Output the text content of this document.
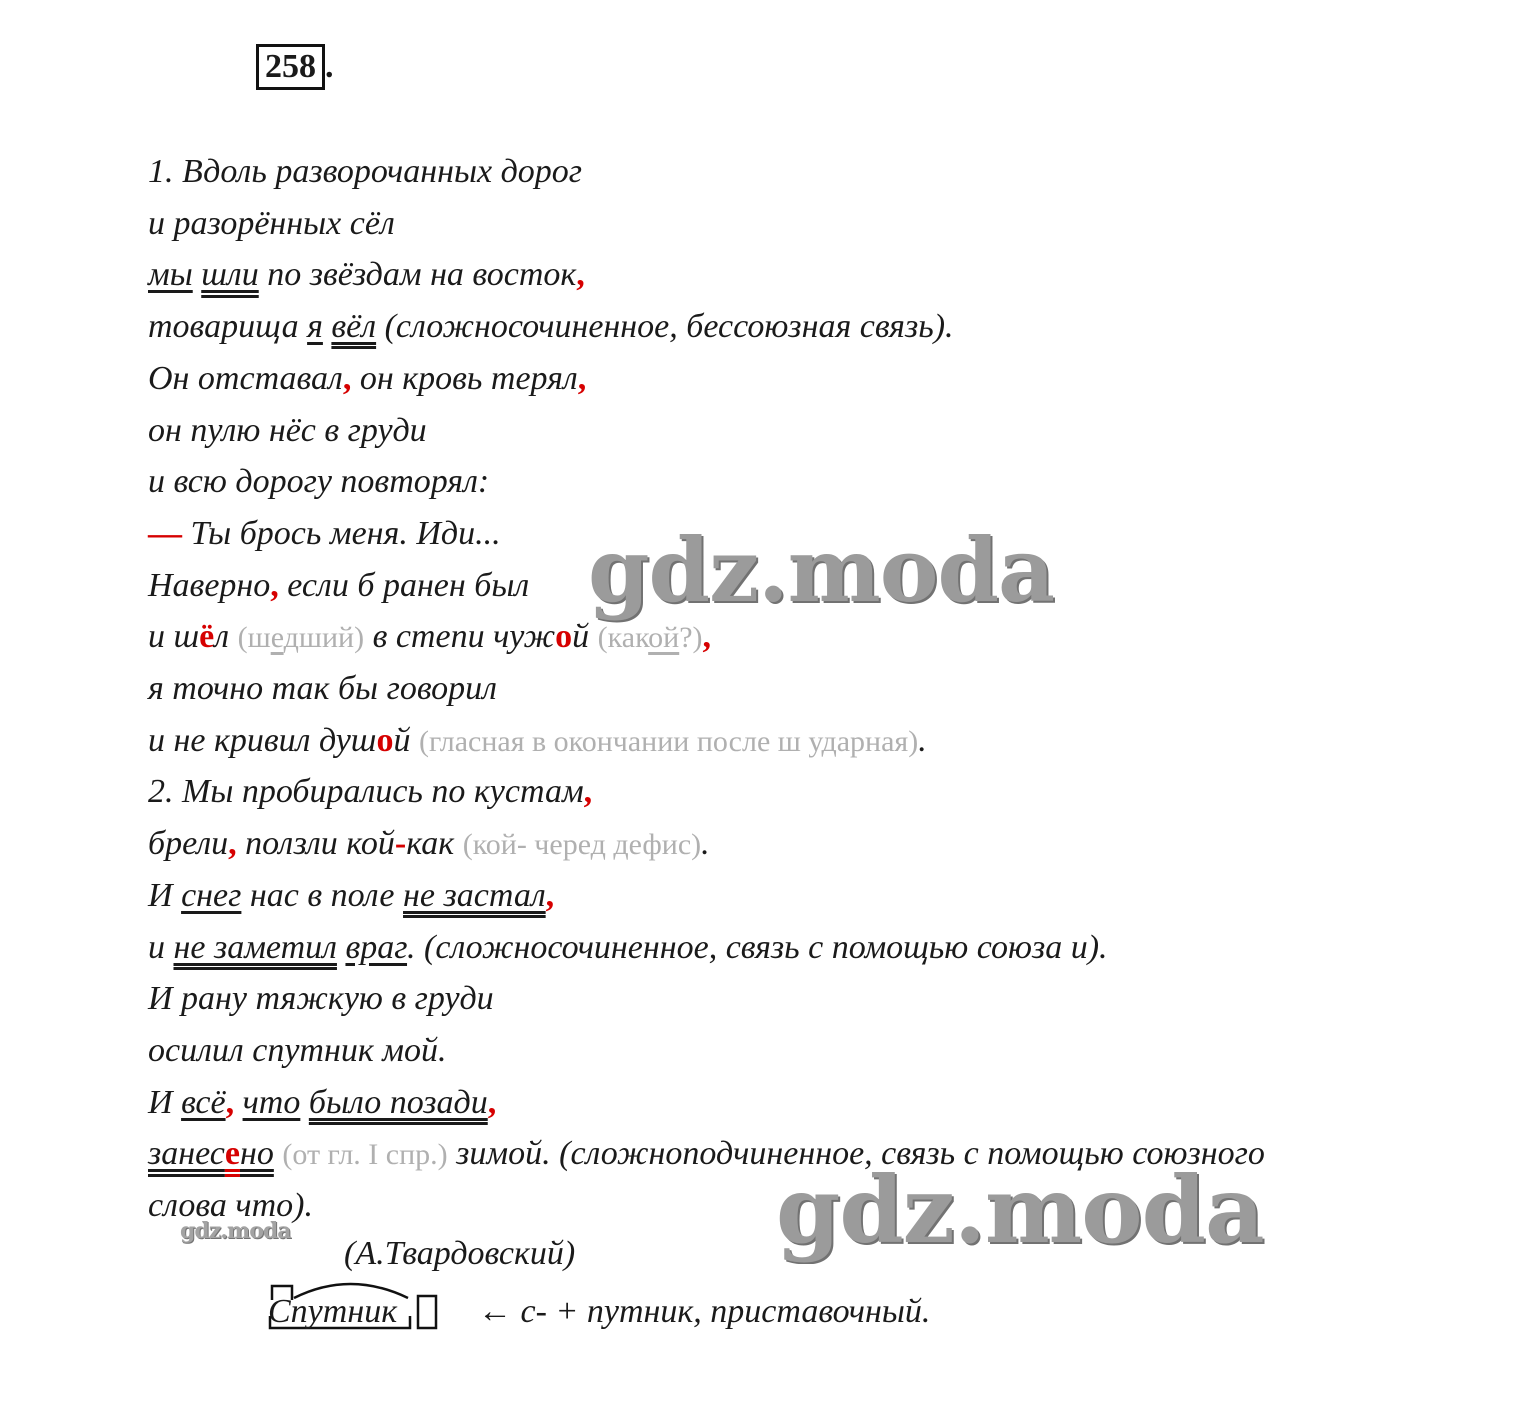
258 .
1. Вдоль разворочанных дорог
и разорённых сёл
мы шли по звёздам на восток,
товарища я вёл (сложносочиненное, бессоюзная связь).
Он отставал, он кровь терял,
он пулю нёс в груди
и всю дорогу повторял:
— Ты брось меня. Иди...
Наверно, если б ранен был
и шёл (шедший) в степи чужой (какой?),
я точно так бы говорил
и не кривил душой (гласная в окончании после ш ударная).
2. Мы пробирались по кустам,
брели, ползли кой-как (кой- черед дефис).
И снег нас в поле не застал,
и не заметил враг. (сложносочиненное, связь с помощью союза и).
И рану тяжкую в груди
осилил спутник мой.
И всё, что было позади,
занесено (от гл. I спр.) зимой. (сложноподчиненное, связь с помощью союзного
слова что).
gdz.moda
gdz.moda
gdz.moda
(А.Твардовский)
Спутник ← с- + путник, приставочный.
